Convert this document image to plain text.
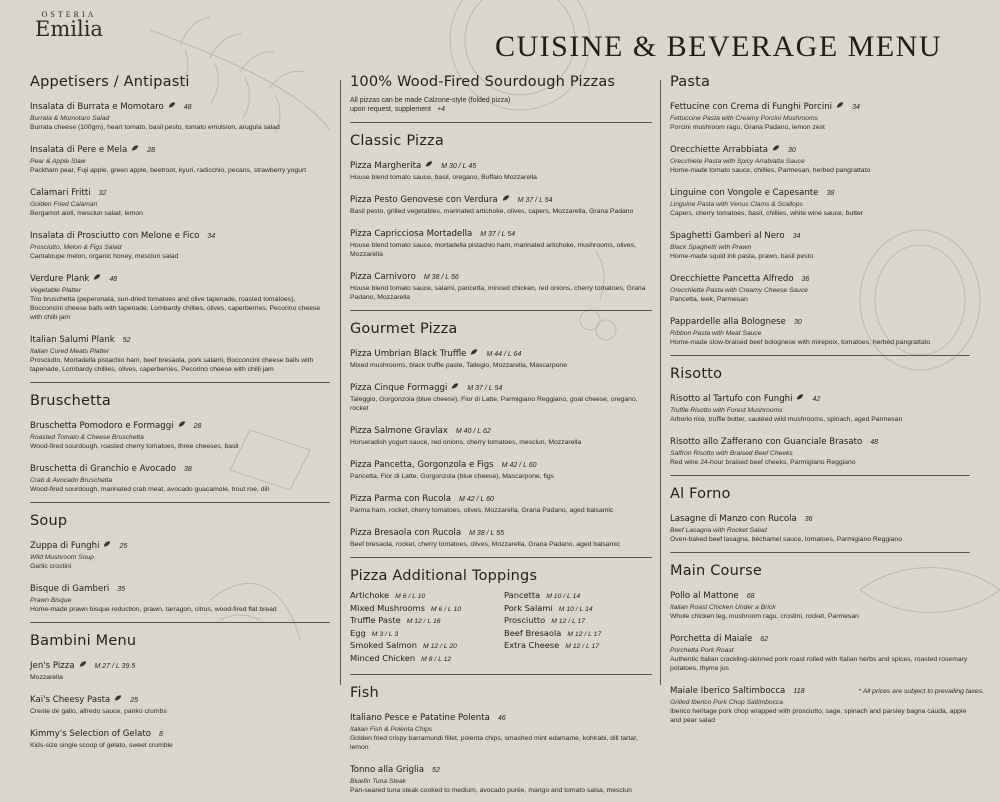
OSTERIA
Emilia
CUISINE & BEVERAGE MENU
Appetisers / Antipasti
Insalata di Burrata e Momotaro	48
Burrata & Momotaro Salad
Burrata cheese (100gm), heart tomato, basil pesto, tomato emulsion, arugula salad
Insalata di Pere e Mela	28
Pear & Apple Slaw
Packham pear, Fuji apple, green apple, beetroot, kyuri, radicchio, pecans, strawberry yogurt
Calamari Fritti 32
Golden Fried Calamari
Bergamot aioli, mesclun salad, lemon
Insalata di Prosciutto con Melone e Fico 34
Prosciutto, Melon & Figs Salad
Cantaloupe melon, organic honey, mesclun salad
Verdure Plank	48
Vegetable Platter
Trio bruschetta (peperonata, sun-dried tomatoes and olive tapenade, roasted tomatoes), Bocconcini cheese balls with tapenade, Lombardy chillies, olives, caperberries, Pecorino cheese with chilli jam
Italian Salumi Plank 52
Italian Cured Meats Platter
Prosciutto, Mortadella pistachio ham, beef bresaola, pork salami, Bocconcini cheese balls with tapenade, Lombardy chillies, olives, caperberries, Pecorino cheese with chilli jam
Bruschetta
Bruschetta Pomodoro e Formaggi	28
Roasted Tomato & Cheese Bruschetta
Wood-fired sourdough, roasted cherry tomatoes, three cheeses, basil
Bruschetta di Granchio e Avocado 38
Crab & Avocado Bruschetta
Wood-fired sourdough, marinated crab meat, avocado guacamole, trout roe, dill
Soup
Zuppa di Funghi	25
Wild Mushroom Soup
Garlic crostini
Bisque di Gamberi 35
Prawn Bisque
Home-made prawn bisque reduction, prawn, tarragon, citrus, wood-fired flat bread
Bambini Menu
Jen's Pizza	M 27 / L 39.5
Mozzarella
Kai's Cheesy Pasta	25
Creste de gallo, alfredo sauce, panko crumbs
Kimmy's Selection of Gelato 8
Kids-size single scoop of gelato, sweet crumble
100% Wood-Fired Sourdough Pizzas
All pizzas can be made Calzone-style (folded pizza)
upon request, supplement +4
Classic Pizza
Pizza Margherita	M 30 / L 45
House blend tomato sauce, basil, oregano, Buffalo Mozzarella
Pizza Pesto Genovese con Verdura	M 37 / L 54
Basil pesto, grilled vegetables, marinated artichoke, olives, capers, Mozzarella, Grana Padano
Pizza Capricciosa Mortadella M 37 / L 54
House blend tomato sauce, mortadella pistachio ham, marinated artichoke, mushrooms, olives, Mozzarella
Pizza Carnivoro M 38 / L 56
House blend tomato sauce, salami, pancetta, minced chicken, red onions, cherry tomatoes, Grana Padano, Mozzarella
Gourmet Pizza
Pizza Umbrian Black Truffle	M 44 / L 64
Mixed mushrooms, black truffle paste, Tallegio, Mozzarella, Mascarpone
Pizza Cinque Formaggi	M 37 / L 54
Taleggio, Gorgonzola (blue cheese), Fior di Latte, Parmigiano Reggiano, goat cheese, oregano, rocket
Pizza Salmone Gravlax M 40 / L 62
Horseradish yogurt sauce, red onions, cherry tomatoes, mesclun, Mozzarella
Pizza Pancetta, Gorgonzola e Figs M 42 / L 60
Pancetta, Fior di Latte, Gorgonzola (blue cheese), Mascarpone, figs
Pizza Parma con Rucola M 42 / L 60
Parma ham, rocket, cherry tomatoes, olives, Mozzarella, Grana Padano, aged balsamic
Pizza Bresaola con Rucola M 38 / L 55
Beef bresaola, rocket, cherry tomatoes, olives, Mozzarella, Grana Padano, aged balsamic
Pizza Additional Toppings
Artichoke M 6 / L 10
Mixed Mushrooms M 6 / L 10
Truffle Paste M 12 / L 16
Egg M 3 / L 3
Smoked Salmon M 12 / L 20
Minced Chicken M 8 / L 12
Pancetta M 10 / L 14
Pork Salami M 10 / L 14
Prosciutto M 12 / L 17
Beef Bresaola M 12 / L 17
Extra Cheese M 12 / L 17
Fish
Italiano Pesce e Patatine Polenta 46
Italian Fish & Polenta Chips
Golden fried crispy barramundi fillet, polenta chips, smashed mint edamame, kohlrabi, dill tartar, lemon
Tonno alla Griglia 52
Bluefin Tuna Steak
Pan-seared tuna steak cooked to medium, avocado purée, mango and tomato salsa, mesclun
Pasta
Fettucine con Crema di Funghi Porcini	34
Fettuccine Pasta with Creamy Porcini Mushrooms
Porcini mushroom ragu, Grana Padano, lemon zest
Orecchiette Arrabbiata	30
Orecchiete Pasta with Spicy Arrabiatta Sauce
Home-made tomato sauce, chillies, Parmesan, herbed pangrattato
Linguine con Vongole e Capesante 38
Linguine Pasta with Venus Clams & Scallops
Capers, cherry tomatoes, basil, chillies, white wine sauce, butter
Spaghetti Gamberi al Nero 34
Black Spaghetti with Prawn
Home-made squid ink pasta, prawn, basil pesto
Orecchiette Pancetta Alfredo 36
Orecchiette Pasta with Creamy Cheese Sauce
Pancetta, leek, Parmesan
Pappardelle alla Bolognese 30
Ribbon Pasta with Meat Sauce
Home-made slow-braised beef bolognese with mirepoix, tomatoes, herbed pangrattato
Risotto
Risotto al Tartufo con Funghi	42
Truffle Risotto with Forest Mushrooms
Arborio rice, truffle butter, sautéed wild mushrooms, spinach, aged Parmesan
Risotto allo Zafferano con Guanciale Brasato 48
Saffron Risotto with Braised Beef Cheeks
Red wine 24-hour braised beef cheeks, Parmigiano Reggiano
Al Forno
Lasagne di Manzo con Rucola 36
Beef Lasagna with Rocket Salad
Oven-baked beef lasagna, béchamel sauce, tomatoes, Parmigiano Reggiano
Main Course
Pollo al Mattone 68
Italian Roast Chicken Under a Brick
Whole chicken leg, mushroom ragu, crostini, rocket, Parmesan
Porchetta di Maiale 62
Porchetta Pork Roast
Authentic Italian crackling-skinned pork roast rolled with Italian herbs and spices, roasted rosemary potatoes, thyme jus
Maiale Iberico Saltimbocca 118
Grilled Iberico Pork Chop Saltimbocca
Iberico heritage pork chop wrapped with prosciutto, sage, spinach and parsley bagna cauda, apple and pear salad
* All prices are subject to prevailing taxes.
